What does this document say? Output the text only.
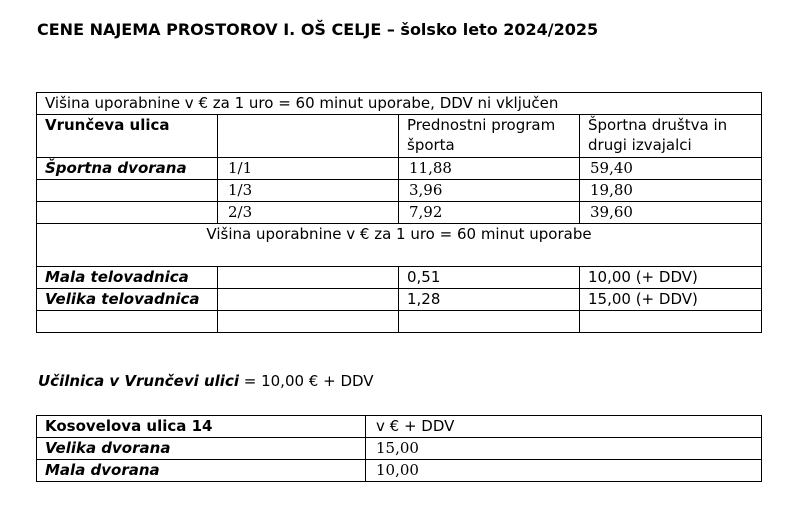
CENE NAJEMA PROSTOROV I. OŠ CELJE – šolsko leto 2024/2025
Višina uporabnine v € za 1 uro = 60 minut uporabe, DDV ni vključen			
Vrunčeva ulica		Prednostni program športa	Športna društva in drugi izvajalci
Športna dvorana	1/1	11,88	59,40
	1/3	3,96	19,80
	2/3	7,92	39,60
Višina uporabnine v € za 1 uro = 60 minut uporabe			
Mala telovadnica		0,51	10,00 (+ DDV)
Velika telovadnica		1,28	15,00 (+ DDV)

Učilnica v Vrunčevi ulici = 10,00 € + DDV
Kosovelova ulica 14	v € + DDV
Velika dvorana	15,00
Mala dvorana	10,00
